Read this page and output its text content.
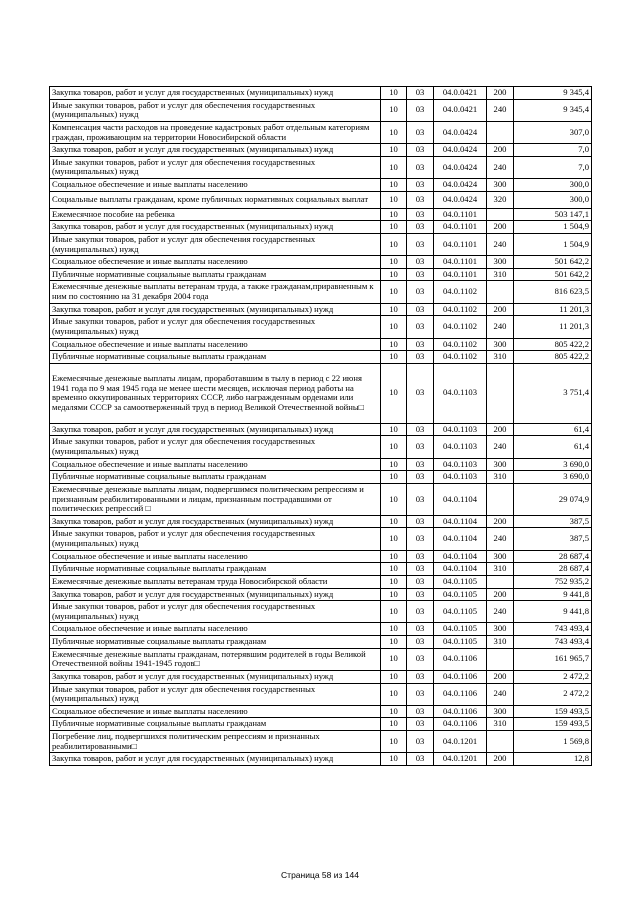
Закупка товаров, работ и услуг для государственных (муниципальных) нужд	10	03	04.0.0421	200	9 345,4
Иные закупки товаров, работ и услуг для обеспечения государственных (муниципальных) нужд	10	03	04.0.0421	240	9 345,4
Компенсация части расходов на проведение кадастровых работ отдельным категориям граждан, проживающим на территории Новосибирской области	10	03	04.0.0424		307,0
Закупка товаров, работ и услуг для государственных (муниципальных) нужд	10	03	04.0.0424	200	7,0
Иные закупки товаров, работ и услуг для обеспечения государственных (муниципальных) нужд	10	03	04.0.0424	240	7,0
Социальное обеспечение и иные выплаты населению	10	03	04.0.0424	300	300,0
Социальные выплаты гражданам, кроме публичных нормативных социальных выплат	10	03	04.0.0424	320	300,0
Ежемесячное пособие на ребенка	10	03	04.0.1101		503 147,1
Закупка товаров, работ и услуг для государственных (муниципальных) нужд	10	03	04.0.1101	200	1 504,9
Иные закупки товаров, работ и услуг для обеспечения государственных (муниципальных) нужд	10	03	04.0.1101	240	1 504,9
Социальное обеспечение и иные выплаты населению	10	03	04.0.1101	300	501 642,2
Публичные нормативные социальные выплаты гражданам	10	03	04.0.1101	310	501 642,2
Ежемесячные денежные выплаты ветеранам труда, а также гражданам,приравненным к ним по состоянию на 31 декабря 2004 года	10	03	04.0.1102		816 623,5
Закупка товаров, работ и услуг для государственных (муниципальных) нужд	10	03	04.0.1102	200	11 201,3
Иные закупки товаров, работ и услуг для обеспечения государственных (муниципальных) нужд	10	03	04.0.1102	240	11 201,3
Социальное обеспечение и иные выплаты населению	10	03	04.0.1102	300	805 422,2
Публичные нормативные социальные выплаты гражданам	10	03	04.0.1102	310	805 422,2
Ежемесячные денежные выплаты лицам, проработавшим в тылу в период с 22 июня 1941 года по 9 мая 1945 года не менее шести месяцев, исключая период работы на временно оккупированных территориях СССР, либо награжденным орденами или медалями СССР за самоотверженный труд в период Великой Отечественной войны□	10	03	04.0.1103		3 751,4
Закупка товаров, работ и услуг для государственных (муниципальных) нужд	10	03	04.0.1103	200	61,4
Иные закупки товаров, работ и услуг для обеспечения государственных (муниципальных) нужд	10	03	04.0.1103	240	61,4
Социальное обеспечение и иные выплаты населению	10	03	04.0.1103	300	3 690,0
Публичные нормативные социальные выплаты гражданам	10	03	04.0.1103	310	3 690,0
Ежемесячные денежные выплаты лицам, подвергшимся политическим репрессиям и признанным реабилитированными и лицам, признанным пострадавшими от политических репрессий □	10	03	04.0.1104		29 074,9
Закупка товаров, работ и услуг для государственных (муниципальных) нужд	10	03	04.0.1104	200	387,5
Иные закупки товаров, работ и услуг для обеспечения государственных (муниципальных) нужд	10	03	04.0.1104	240	387,5
Социальное обеспечение и иные выплаты населению	10	03	04.0.1104	300	28 687,4
Публичные нормативные социальные выплаты гражданам	10	03	04.0.1104	310	28 687,4
Ежемесячные денежные выплаты ветеранам труда Новосибирской области	10	03	04.0.1105		752 935,2
Закупка товаров, работ и услуг для государственных (муниципальных) нужд	10	03	04.0.1105	200	9 441,8
Иные закупки товаров, работ и услуг для обеспечения государственных (муниципальных) нужд	10	03	04.0.1105	240	9 441,8
Социальное обеспечение и иные выплаты населению	10	03	04.0.1105	300	743 493,4
Публичные нормативные социальные выплаты гражданам	10	03	04.0.1105	310	743 493,4
Ежемесячные денежные выплаты гражданам, потерявшим родителей в годы Великой Отечественной войны 1941-1945 годов□	10	03	04.0.1106		161 965,7
Закупка товаров, работ и услуг для государственных (муниципальных) нужд	10	03	04.0.1106	200	2 472,2
Иные закупки товаров, работ и услуг для обеспечения государственных (муниципальных) нужд	10	03	04.0.1106	240	2 472,2
Социальное обеспечение и иные выплаты населению	10	03	04.0.1106	300	159 493,5
Публичные нормативные социальные выплаты гражданам	10	03	04.0.1106	310	159 493,5
Погребение лиц, подвергшихся политическим репрессиям и признанных реабилитированными□	10	03	04.0.1201		1 569,8
Закупка товаров, работ и услуг для государственных (муниципальных) нужд	10	03	04.0.1201	200	12,8
Страница 58 из 144
